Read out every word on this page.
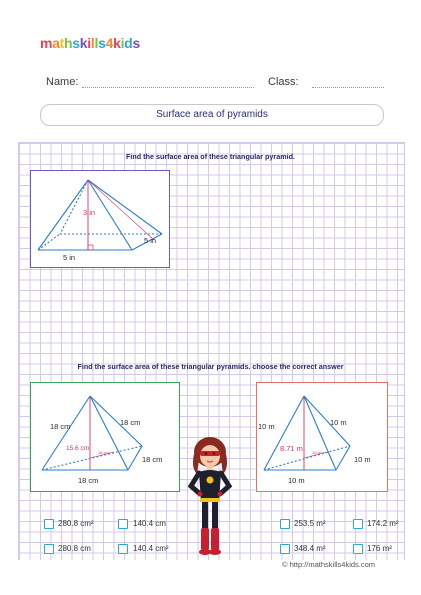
mathskills4kids
Name:	Class:
Surface area of pyramids
Find the surface area of these triangular pyramid.
3 in
5 in
5 in
Find the surface area of these triangular pyramids. choose the correct answer
18 cm	18 cm
15.6 cm
18 cm
18 cm
18 cm
10 m	10 m
8.71 m 10 m
10 m
10 m
280.8 cm²	140.4 cm
280.8 cm	140.4 cm²
253.5 m²	174.2 m²
348.4 m²	176 m²
© http://mathskills4kids.com
